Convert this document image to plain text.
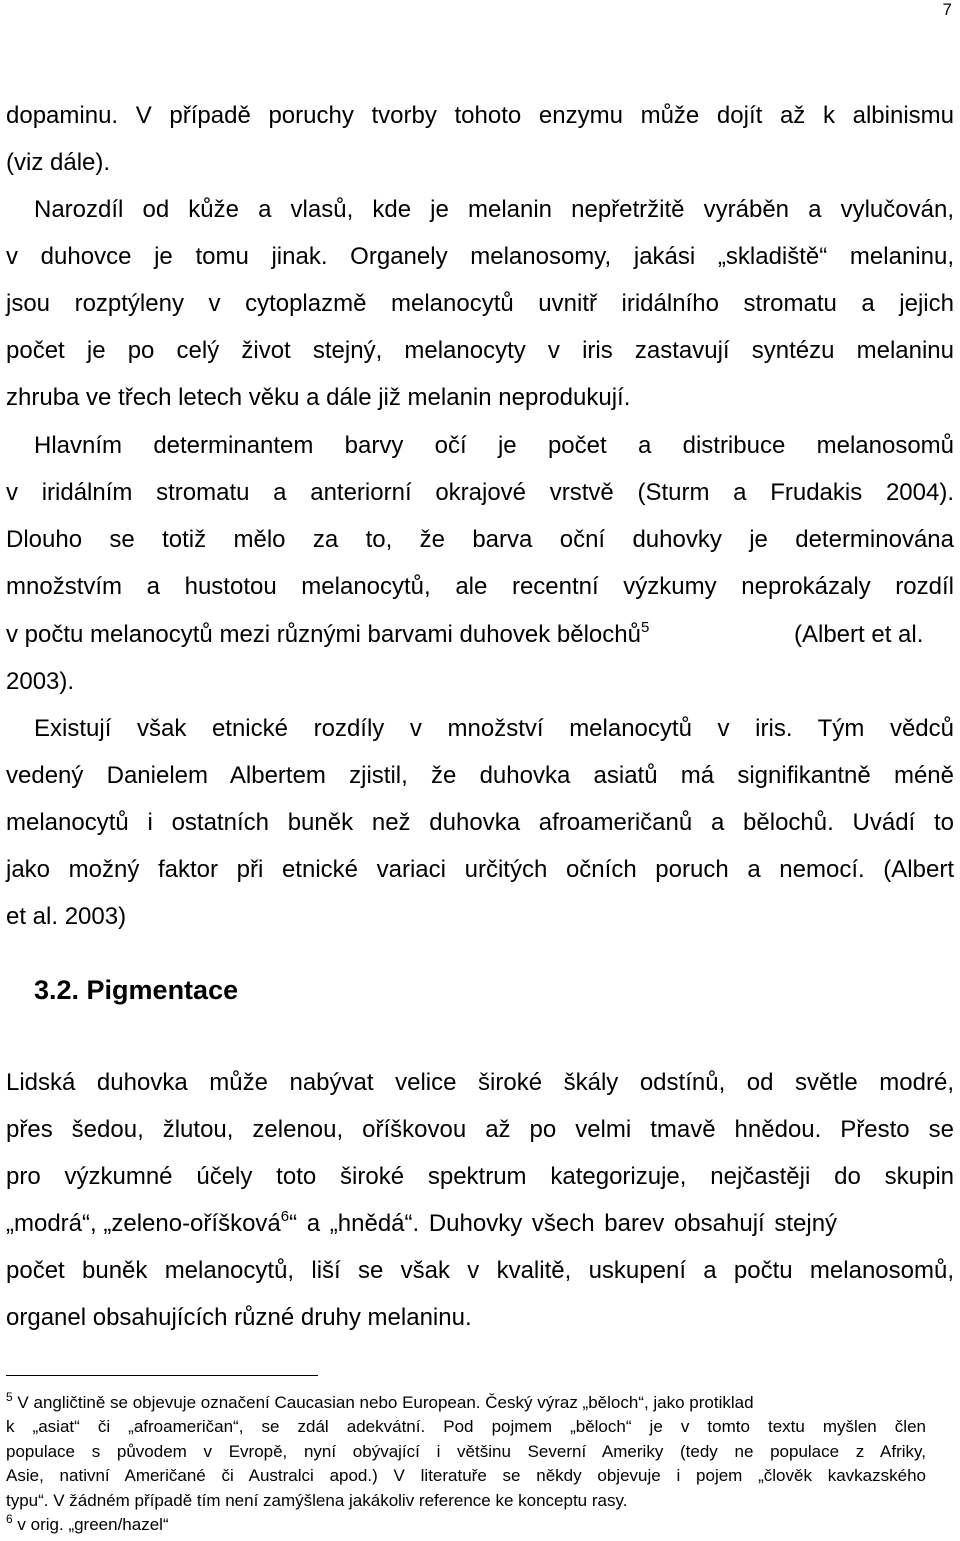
7
dopaminu. V případě poruchy tvorby tohoto enzymu může dojít až k albinismu
(viz dále).
Narozdíl od kůže a vlasů, kde je melanin nepřetržitě vyráběn a vylučován,
v duhovce je tomu jinak. Organely melanosomy, jakási „skladiště“ melaninu,
jsou rozptýleny v cytoplazmě melanocytů uvnitř iridálního stromatu a jejich
počet je po celý život stejný, melanocyty v iris zastavují syntézu melaninu
zhruba ve třech letech věku a dále již melanin neprodukují.
Hlavním determinantem barvy očí je počet a distribuce melanosomů
v iridálním stromatu a anteriorní okrajové vrstvě (Sturm a Frudakis 2004).
Dlouho se totiž mělo za to, že barva oční duhovky je determinována
množstvím a hustotou melanocytů, ale recentní výzkumy neprokázaly rozdíl
v počtu melanocytů mezi různými barvami duhovek bělochů$^5$	(Albert et al.
2003).
Existují však etnické rozdíly v množství melanocytů v iris. Tým vědců
vedený Danielem Albertem zjistil, že duhovka asiatů má signifikantně méně
melanocytů i ostatních buněk než duhovka afroameričanů a bělochů. Uvádí to
jako možný faktor při etnické variaci určitých očních poruch a nemocí. (Albert
et al. 2003)
3.2. Pigmentace
Lidská duhovka může nabývat velice široké škály odstínů, od světle modré,
přes šedou, žlutou, zelenou, oříškovou až po velmi tmavě hnědou. Přesto se
pro výzkumné účely toto široké spektrum kategorizuje, nejčastěji do skupin
„modrá“, „zeleno-oříšková$^6$“ a „hnědá“. Duhovky všech barev obsahují stejný
počet buněk melanocytů, liší se však v kvalitě, uskupení a počtu melanosomů,
organel obsahujících různé druhy melaninu.
$^5$ V angličtině se objevuje označení Caucasian nebo European. Český výraz „běloch“, jako protiklad
k „asiat“ či „afroameričan“, se zdál adekvátní. Pod pojmem „běloch“ je v tomto textu myšlen člen
populace s původem v Evropě, nyní obývající i většinu Severní Ameriky (tedy ne populace z Afriky,
Asie, nativní Američané či Australci apod.) V literatuře se někdy objevuje i pojem „člověk kavkazského
typu“. V žádném případě tím není zamýšlena jakákoliv reference ke konceptu rasy.
$^6$ v orig. „green/hazel“
